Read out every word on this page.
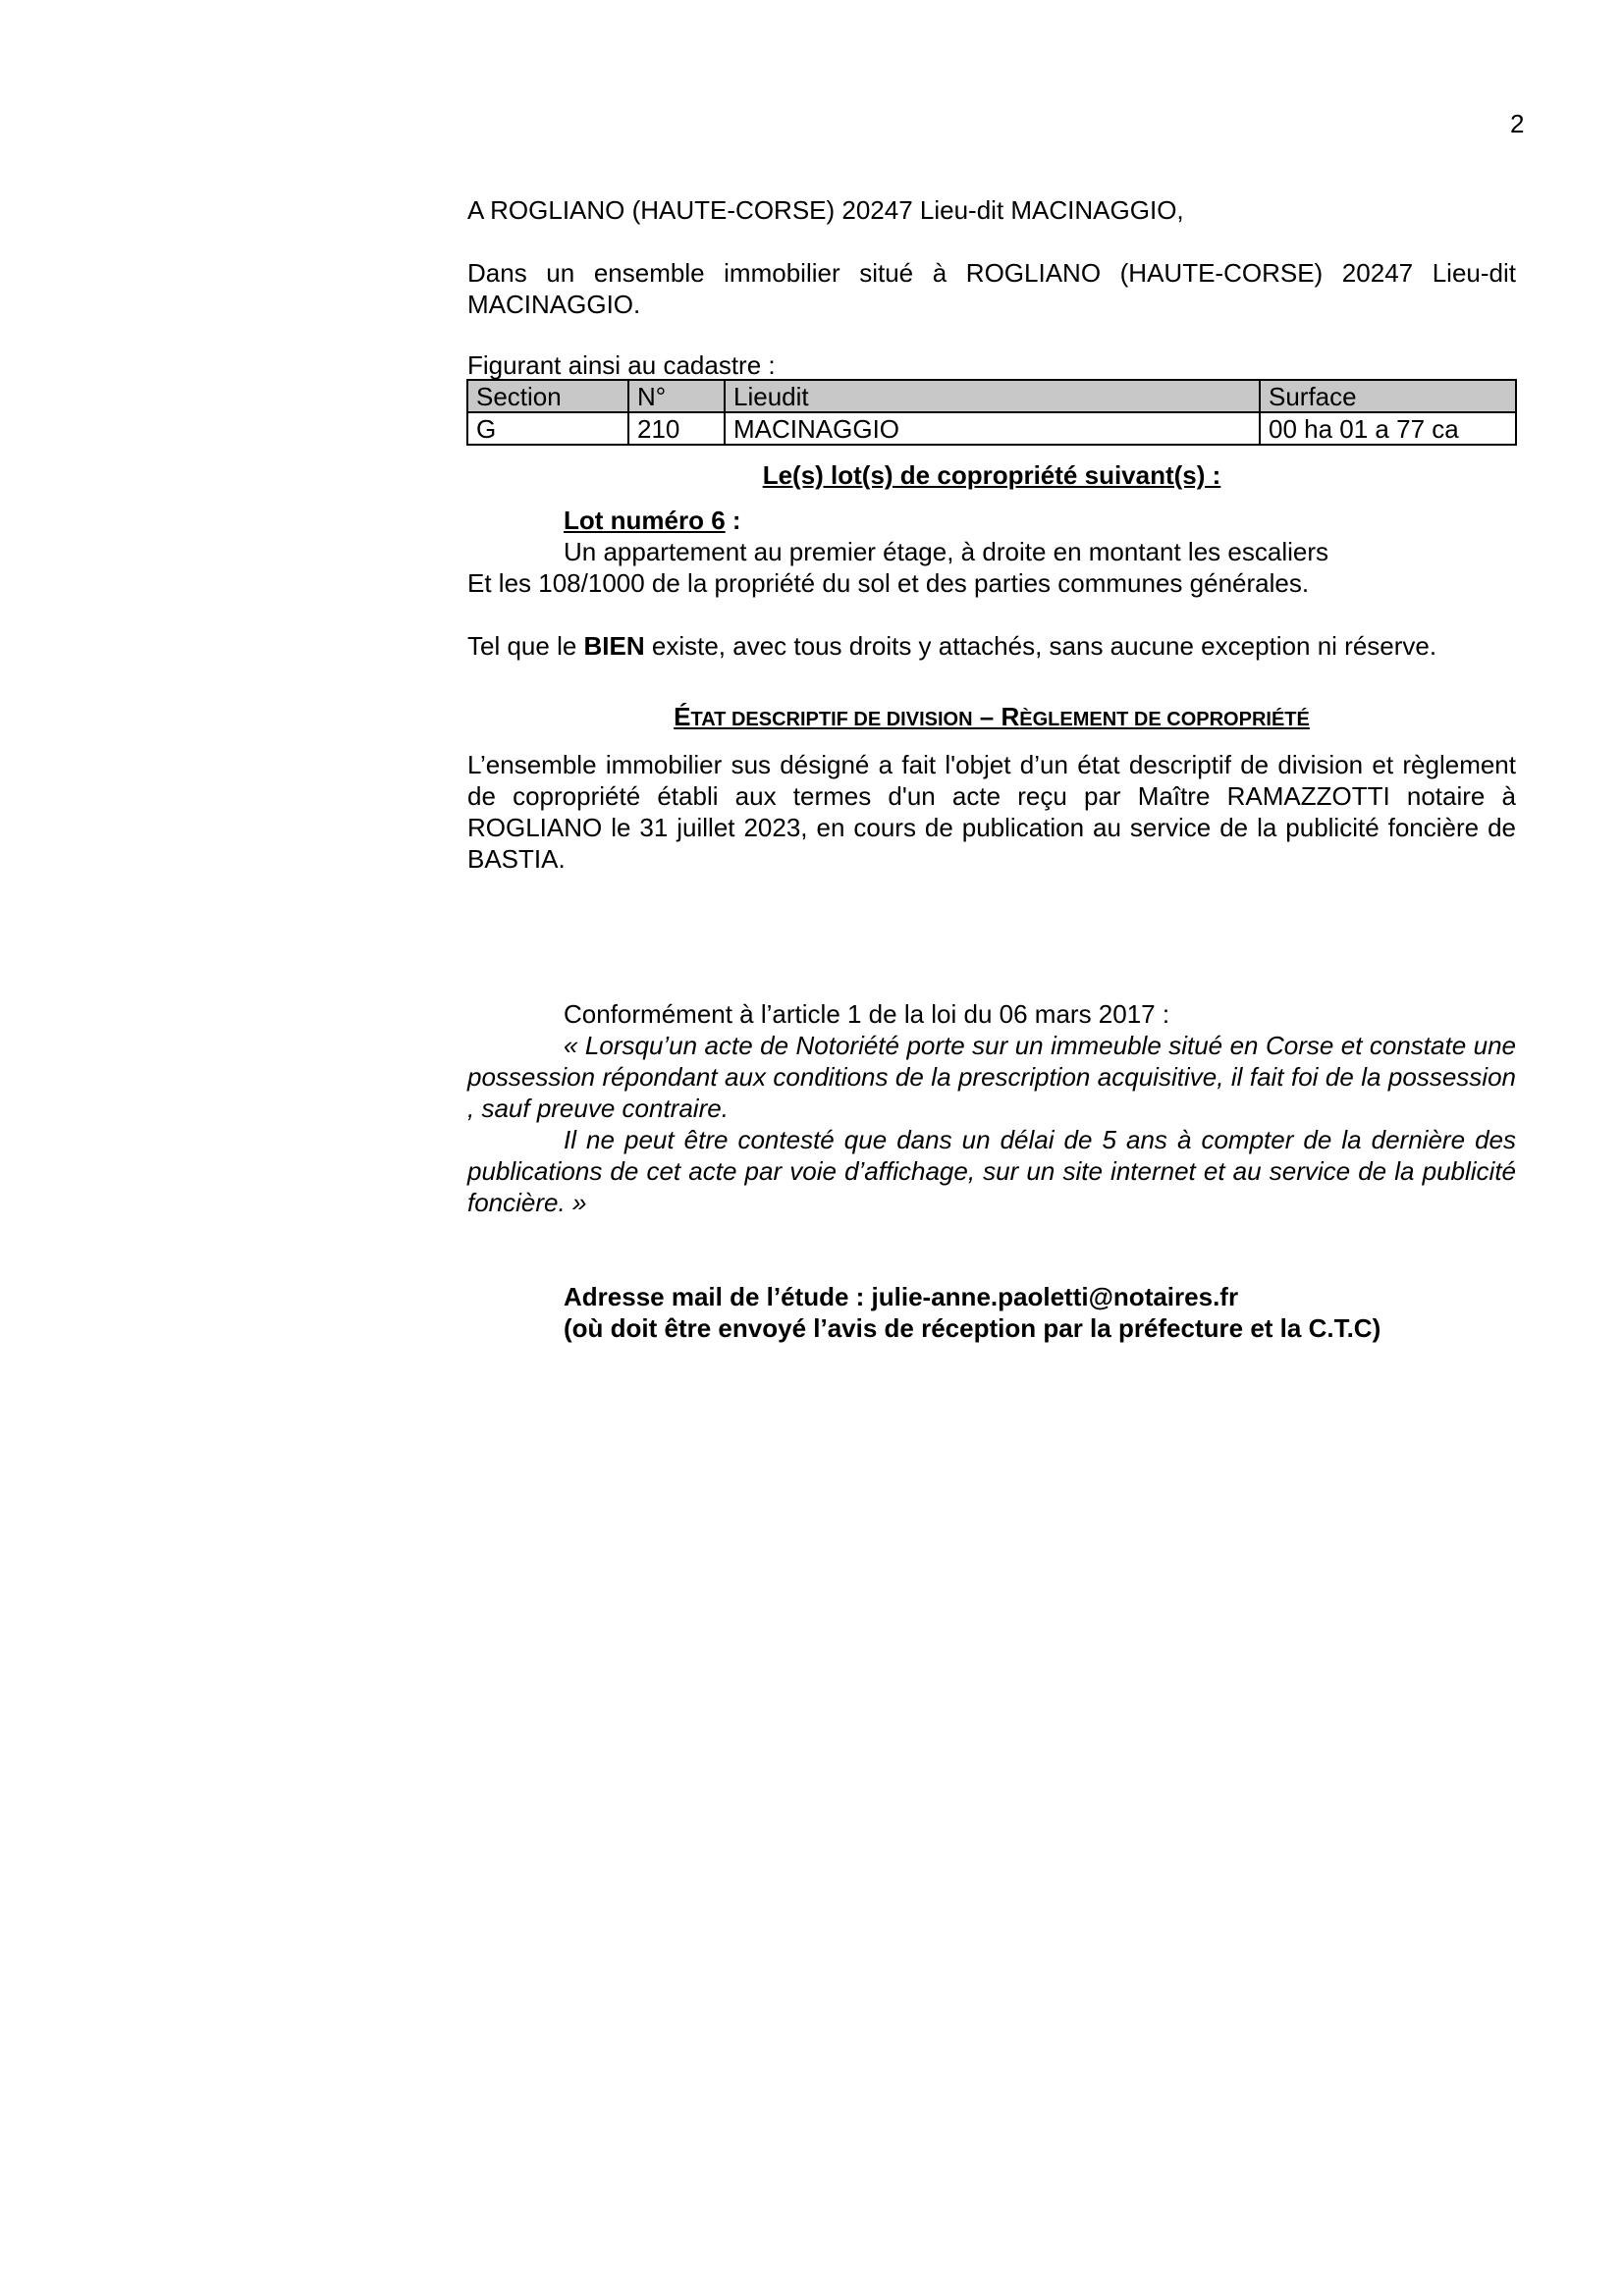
2

A ROGLIANO (HAUTE-CORSE) 20247 Lieu-dit MACINAGGIO,

Dans un ensemble immobilier situé à ROGLIANO (HAUTE-CORSE) 20247 Lieu-dit MACINAGGIO.

Figurant ainsi au cadastre :

Section	N°	Lieudit	Surface
G	210	MACINAGGIO	00 ha 01 a 77 ca

Le(s) lot(s) de copropriété suivant(s) :

Lot numéro 6 :

Un appartement au premier étage, à droite en montant les escaliers

Et les 108/1000 de la propriété du sol et des parties communes générales.

Tel que le BIEN existe, avec tous droits y attachés, sans aucune exception ni réserve.

ÉTAT DESCRIPTIF DE DIVISION – RÈGLEMENT DE COPROPRIÉTÉ

L’ensemble immobilier sus désigné a fait l'objet d’un état descriptif de division et règlement de copropriété établi aux termes d'un acte reçu par Maître RAMAZZOTTI notaire à ROGLIANO le 31 juillet 2023, en cours de publication au service de la publicité foncière de BASTIA.

Conformément à l’article 1 de la loi du 06 mars 2017 :

« Lorsqu’un acte de Notoriété porte sur un immeuble situé en Corse et constate une possession répondant aux conditions de la prescription acquisitive, il fait foi de la possession , sauf preuve contraire.

Il ne peut être contesté que dans un délai de 5 ans à compter de la dernière des publications de cet acte par voie d’affichage, sur un site internet et au service de la publicité foncière. »

Adresse mail de l’étude : julie-anne.paoletti@notaires.fr

(où doit être envoyé l’avis de réception par la préfecture et la C.T.C)
